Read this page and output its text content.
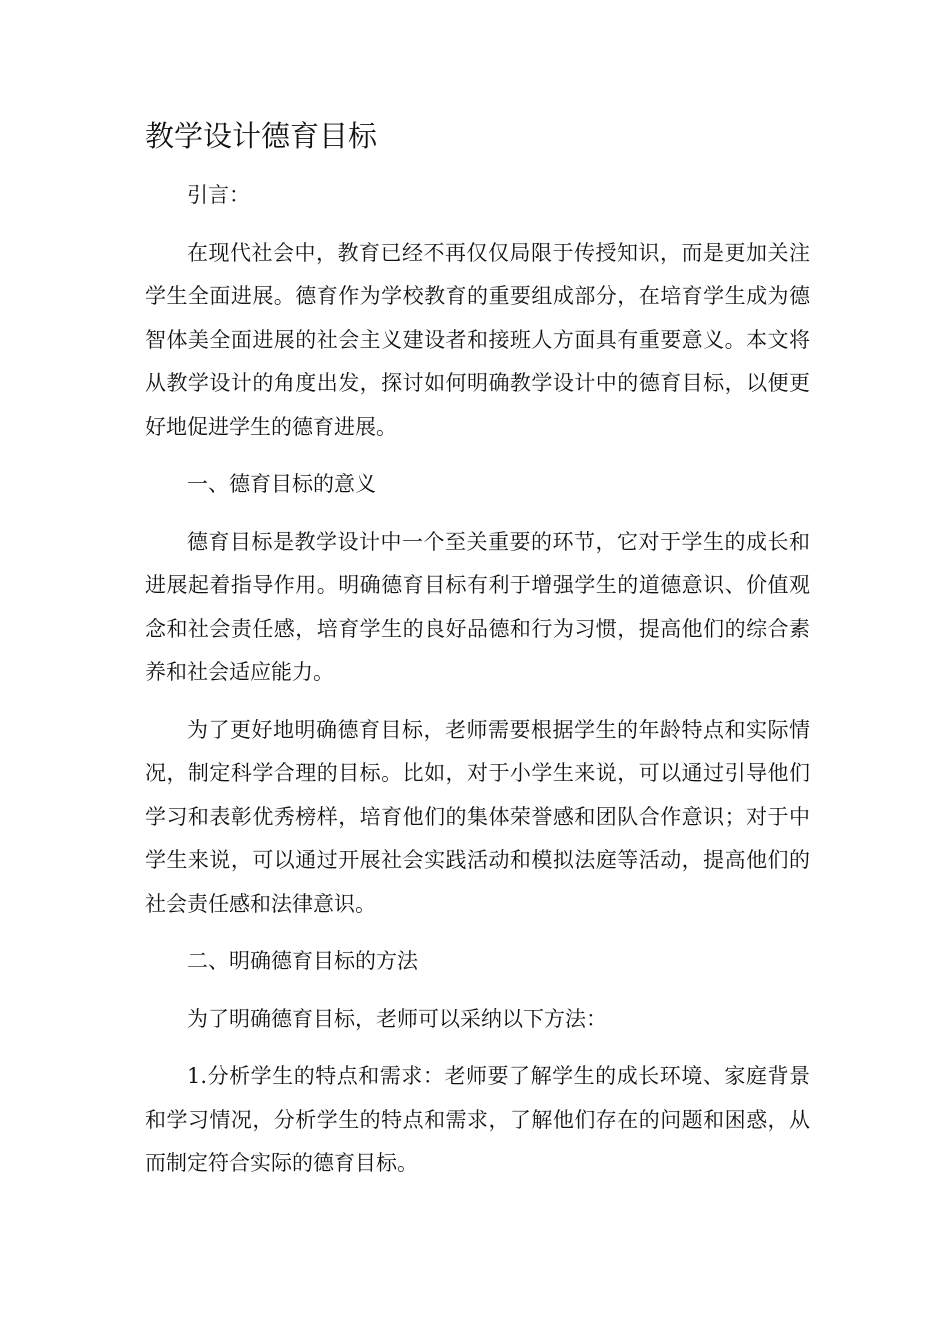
教学设计德育目标

引言：

在现代社会中，教育已经不再仅仅局限于传授知识，而是更加关注学生全面进展。德育作为学校教育的重要组成部分，在培育学生成为德智体美全面进展的社会主义建设者和接班人方面具有重要意义。本文将从教学设计的角度出发，探讨如何明确教学设计中的德育目标，以便更好地促进学生的德育进展。

一、德育目标的意义

德育目标是教学设计中一个至关重要的环节，它对于学生的成长和进展起着指导作用。明确德育目标有利于增强学生的道德意识、价值观念和社会责任感，培育学生的良好品德和行为习惯，提高他们的综合素养和社会适应能力。

为了更好地明确德育目标，老师需要根据学生的年龄特点和实际情况，制定科学合理的目标。比如，对于小学生来说，可以通过引导他们学习和表彰优秀榜样，培育他们的集体荣誉感和团队合作意识；对于中学生来说，可以通过开展社会实践活动和模拟法庭等活动，提高他们的社会责任感和法律意识。

二、明确德育目标的方法

为了明确德育目标，老师可以采纳以下方法：

1.分析学生的特点和需求：老师要了解学生的成长环境、家庭背景和学习情况，分析学生的特点和需求，了解他们存在的问题和困惑，从而制定符合实际的德育目标。
